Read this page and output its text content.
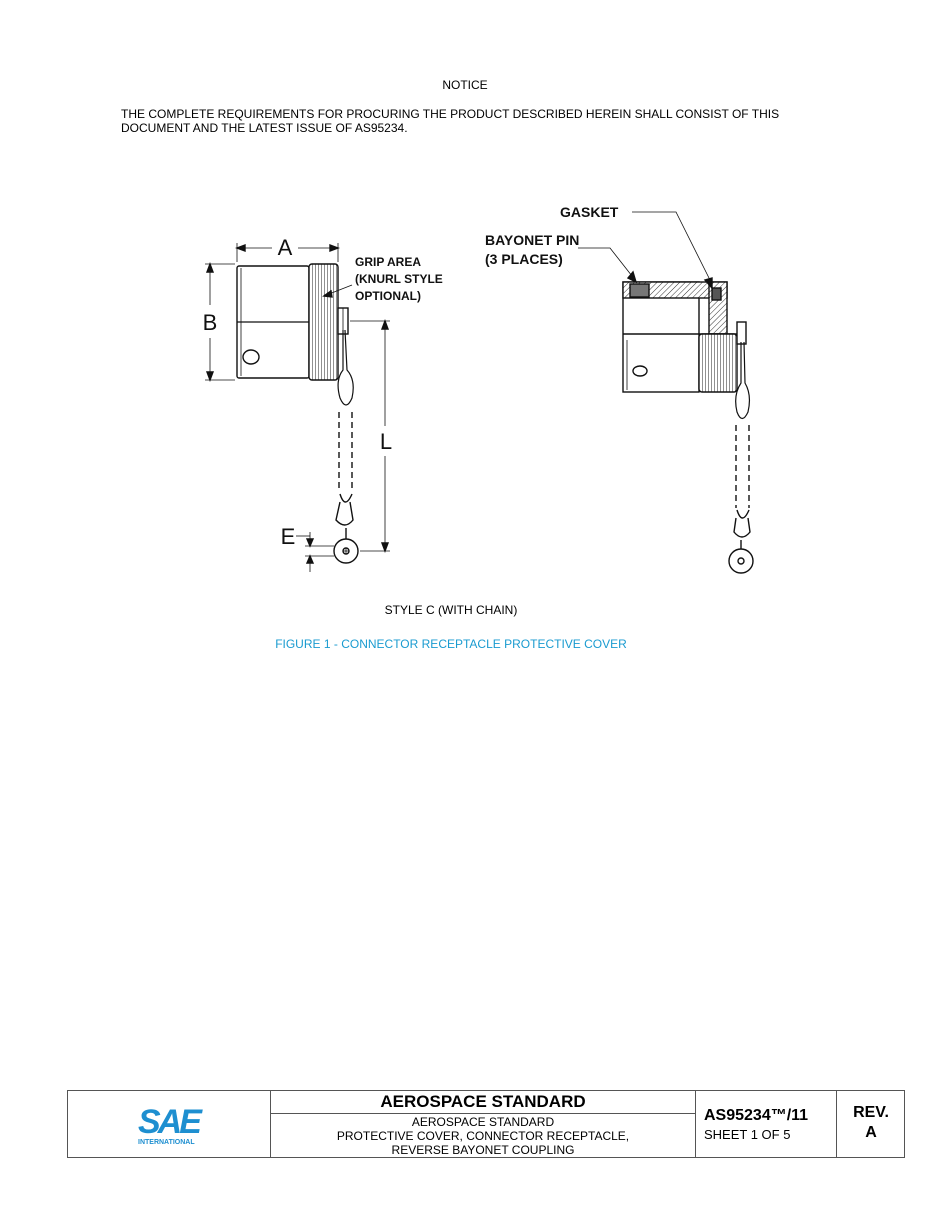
NOTICE
THE COMPLETE REQUIREMENTS FOR PROCURING THE PRODUCT DESCRIBED HEREIN SHALL CONSIST OF THIS DOCUMENT AND THE LATEST ISSUE OF AS95234.
A
B
L
E
GRIP AREA
(KNURL STYLE
OPTIONAL)
GASKET
BAYONET PIN
(3 PLACES)
STYLE C (WITH CHAIN)
FIGURE 1 - CONNECTOR RECEPTACLE PROTECTIVE COVER
SAE
INTERNATIONAL
AEROSPACE STANDARD
AEROSPACE STANDARD
PROTECTIVE COVER, CONNECTOR RECEPTACLE,
REVERSE BAYONET COUPLING
AS95234™/11
SHEET 1 OF 5
REV.
A
